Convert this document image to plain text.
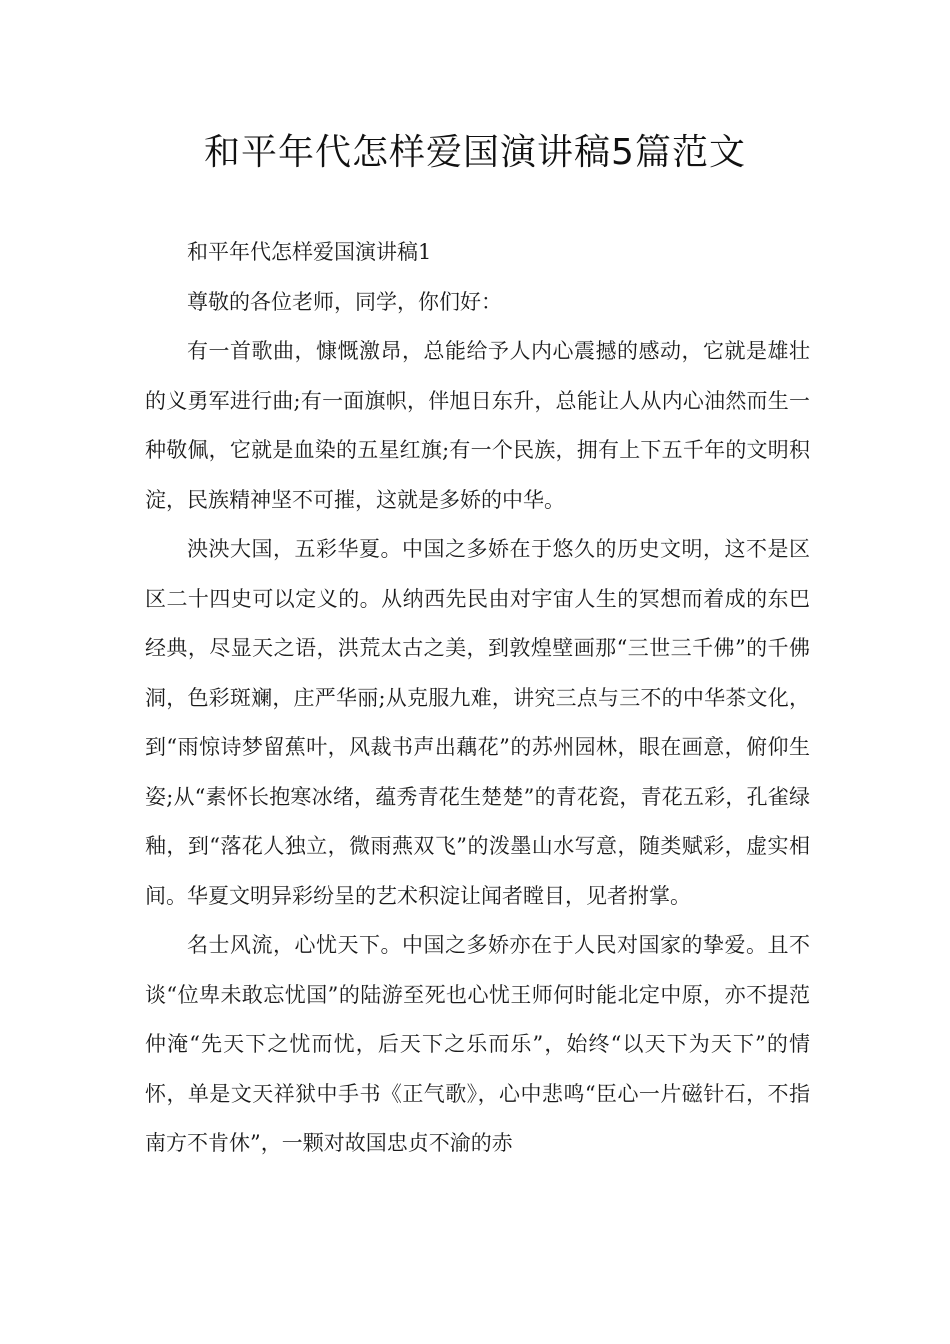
和平年代怎样爱国演讲稿5篇范文

和平年代怎样爱国演讲稿1

尊敬的各位老师，同学，你们好：

有一首歌曲，慷慨激昂，总能给予人内心震撼的感动，它就是雄壮的义勇军进行曲;有一面旗帜，伴旭日东升，总能让人从内心油然而生一种敬佩，它就是血染的五星红旗;有一个民族，拥有上下五千年的文明积淀，民族精神坚不可摧，这就是多娇的中华。

泱泱大国，五彩华夏。中国之多娇在于悠久的历史文明，这不是区区二十四史可以定义的。从纳西先民由对宇宙人生的冥想而着成的东巴经典，尽显天之语，洪荒太古之美，到敦煌壁画那“三世三千佛”的千佛洞，色彩斑斓，庄严华丽;从克服九难，讲究三点与三不的中华茶文化，到“雨惊诗梦留蕉叶，风裁书声出藕花”的苏州园林，眼在画意，俯仰生姿;从“素怀长抱寒冰绪，蕴秀青花生楚楚”的青花瓷，青花五彩，孔雀绿釉，到“落花人独立，微雨燕双飞”的泼墨山水写意，随类赋彩，虚实相间。华夏文明异彩纷呈的艺术积淀让闻者瞠目，见者拊掌。

名士风流，心忧天下。中国之多娇亦在于人民对国家的挚爱。且不谈“位卑未敢忘忧国”的陆游至死也心忧王师何时能北定中原，亦不提范仲淹“先天下之忧而忧，后天下之乐而乐”，始终“以天下为天下”的情怀，单是文天祥狱中手书《正气歌》，心中悲鸣“臣心一片磁针石，不指南方不肯休”，一颗对故国忠贞不渝的赤
